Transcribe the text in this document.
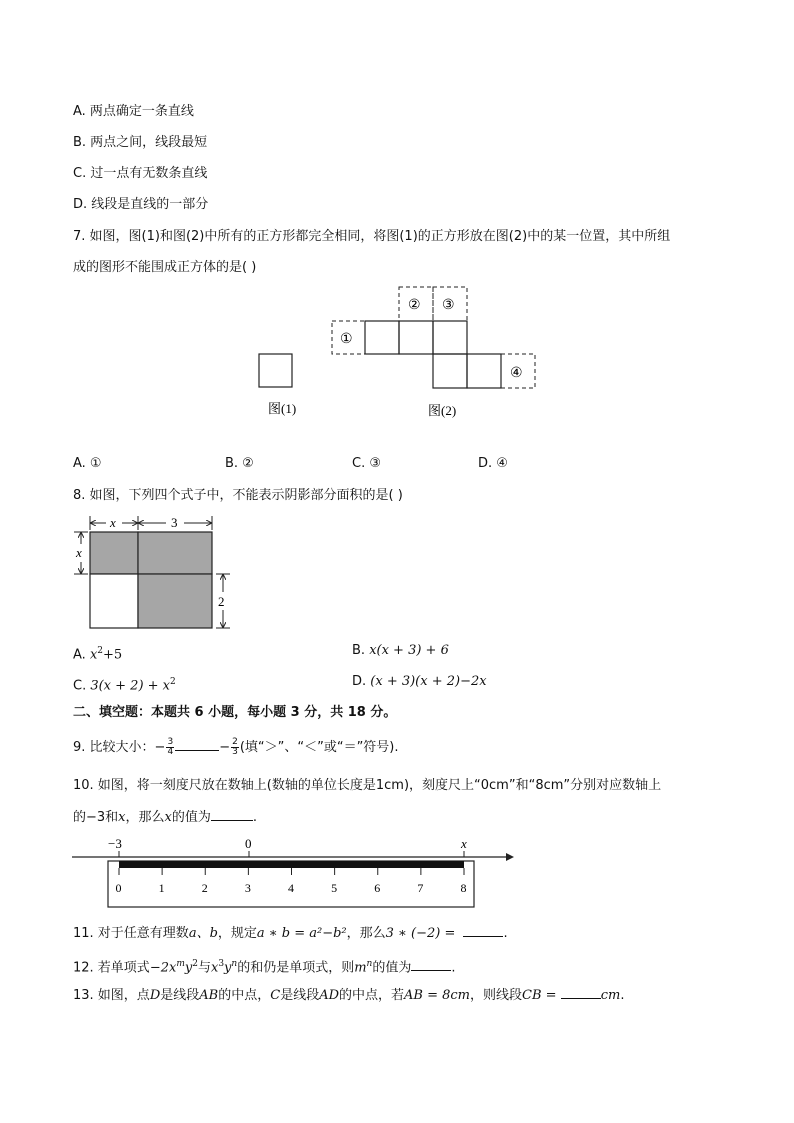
A. 两点确定一条直线
B. 两点之间，线段最短
C. 过一点有无数条直线
D. 线段是直线的一部分
7. 如图，图(1)和图(2)中所有的正方形都完全相同，将图(1)的正方形放在图(2)中的某一位置，其中所组
成的图形不能围成正方体的是( )
图(1)
①
② ③
④
图(2)
A. ①	B. ②	C. ③	D. ④
8. 如图，下列四个式子中，不能表示阴影部分面积的是( )
x	3
x
2
A. $x^2+5$	B. x(x + 3) + 6
C. $3(x + 2) + x^2$	D. (x + 3)(x + 2)−2x
二、填空题：本题共 6 小题，每小题 3 分，共 18 分。
9. 比较大小：− $\frac{3}{4}$	− $\frac{2}{3}$ (填“＞”、“＜”或“＝”符号).
10. 如图，将一刻度尺放在数轴上(数轴的单位长度是1cm)，刻度尺上“0cm”和“8cm”分别对应数轴上
的−3和x，那么x的值为	.
−3	0	x
0	1	2	3	4	5	6	7	8
11. 对于任意有理数a、b，规定a ∗ b = a²−b²，那么3 ∗ (−2) =	.
12. 若单项式$-2x^my^2$与$x^3y^n$的和仍是单项式，则$m^n$的值为	.
13. 如图，点D是线段AB的中点，C是线段AD的中点，若AB = 8cm，则线段CB =	cm.
